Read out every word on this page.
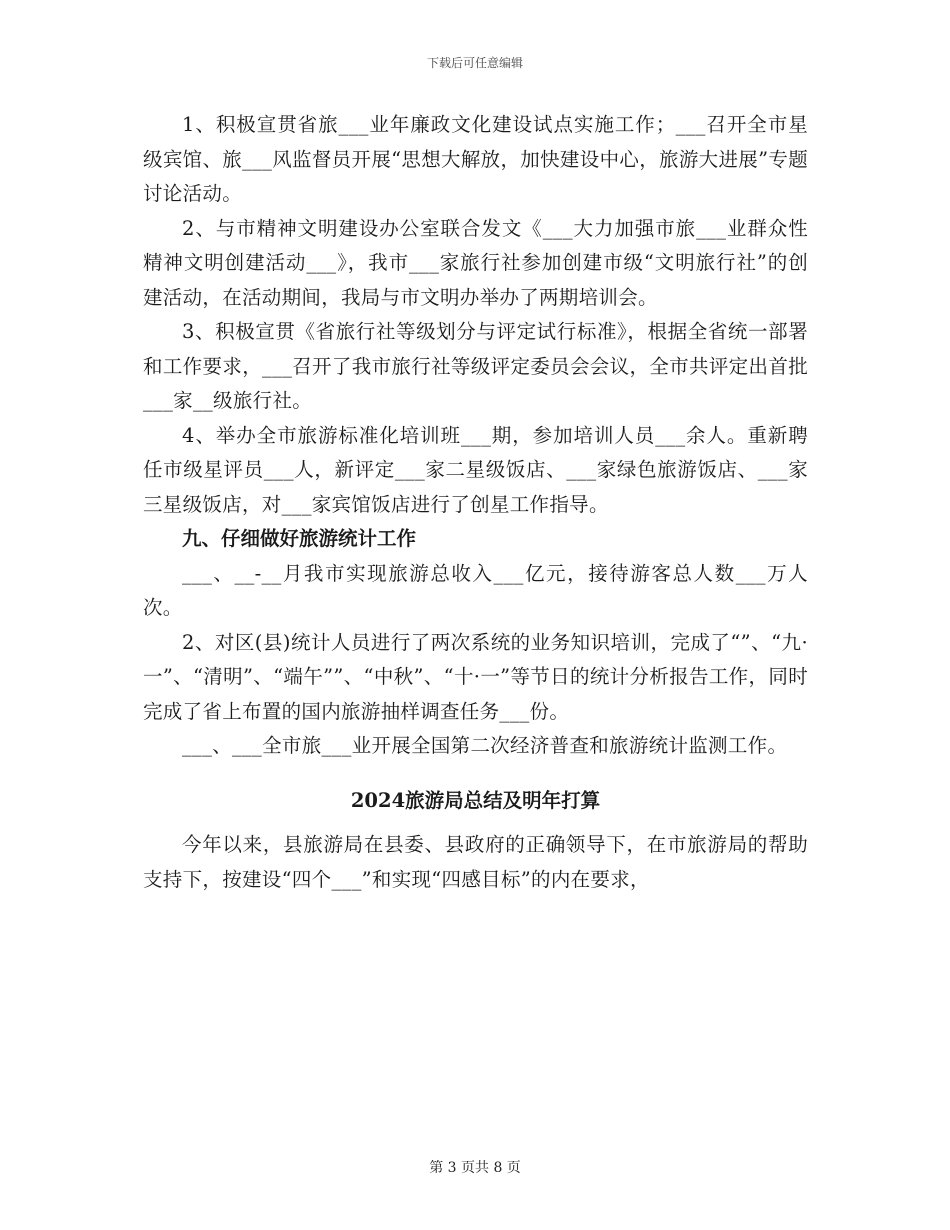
下载后可任意编辑

1、积极宣贯省旅___业年廉政文化建设试点实施工作；___召开全市星级宾馆、旅___风监督员开展“思想大解放，加快建设中心，旅游大进展”专题讨论活动。

2、与市精神文明建设办公室联合发文《___大力加强市旅___业群众性精神文明创建活动___》，我市___家旅行社参加创建市级“文明旅行社”的创建活动，在活动期间，我局与市文明办举办了两期培训会。

3、积极宣贯《省旅行社等级划分与评定试行标准》，根据全省统一部署和工作要求，___召开了我市旅行社等级评定委员会会议，全市共评定出首批___家__级旅行社。

4、举办全市旅游标准化培训班___期，参加培训人员___余人。重新聘任市级星评员___人，新评定___家二星级饭店、___家绿色旅游饭店、___家三星级饭店，对___家宾馆饭店进行了创星工作指导。

九、仔细做好旅游统计工作

___、__-__月我市实现旅游总收入___亿元，接待游客总人数___万人次。

2、对区(县)统计人员进行了两次系统的业务知识培训，完成了“”、“九·一”、“清明”、“端午””、“中秋”、“十·一”等节日的统计分析报告工作，同时完成了省上布置的国内旅游抽样调查任务___份。

___、___全市旅___业开展全国第二次经济普查和旅游统计监测工作。

2024旅游局总结及明年打算

今年以来，县旅游局在县委、县政府的正确领导下，在市旅游局的帮助支持下，按建设“四个___”和实现“四感目标”的内在要求，

第 3 页共 8 页
